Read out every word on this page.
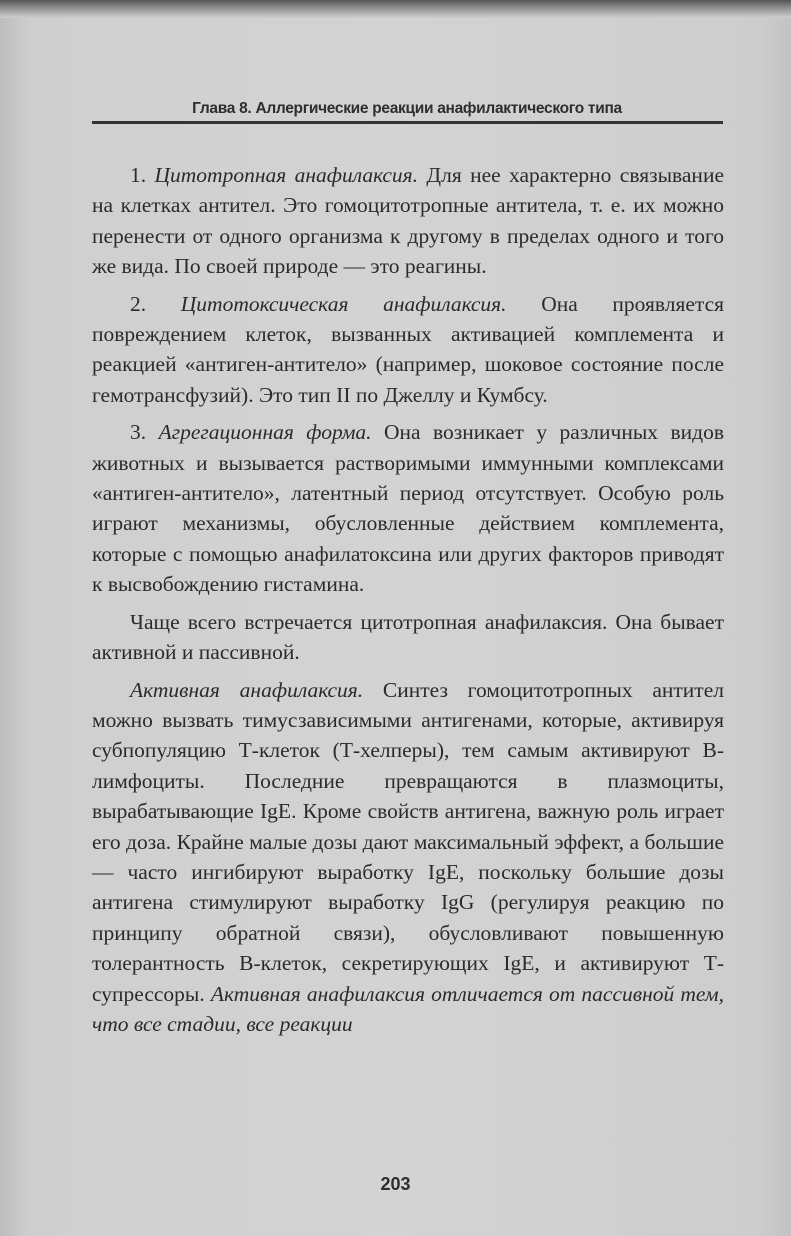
Глава 8. Аллергические реакции анафилактического типа

1. Цитотропная анафилаксия. Для нее характерно связывание на клетках антител. Это гомоцитотропные антитела, т. е. их можно перенести от одного организма к другому в пределах одного и того же вида. По своей природе — это реагины.

2. Цитотоксическая анафилаксия. Она проявляется повреждением клеток, вызванных активацией комплемента и реакцией «антиген-антитело» (например, шоковое состояние после гемотрансфузий). Это тип II по Джеллу и Кумбсу.

3. Агрегационная форма. Она возникает у различных видов животных и вызывается растворимыми иммунными комплексами «антиген-антитело», латентный период отсутствует. Особую роль играют механизмы, обусловленные действием комплемента, которые с помощью анафилатоксина или других факторов приводят к высвобождению гистамина.

Чаще всего встречается цитотропная анафилаксия. Она бывает активной и пассивной.

Активная анафилаксия. Синтез гомоцитотропных антител можно вызвать тимусзависимыми антигенами, которые, активируя субпопуляцию Т-клеток (Т-хелперы), тем самым активируют В-лимфоциты. Последние превращаются в плазмоциты, вырабатывающие IgE. Кроме свойств антигена, важную роль играет его доза. Крайне малые дозы дают максимальный эффект, а большие — часто ингибируют выработку IgE, поскольку большие дозы антигена стимулируют выработку IgG (регулируя реакцию по принципу обратной связи), обусловливают повышенную толерантность В-клеток, секретирующих IgE, и активируют Т-супрессоры. Активная анафилаксия отличается от пассивной тем, что все стадии, все реакции

203
